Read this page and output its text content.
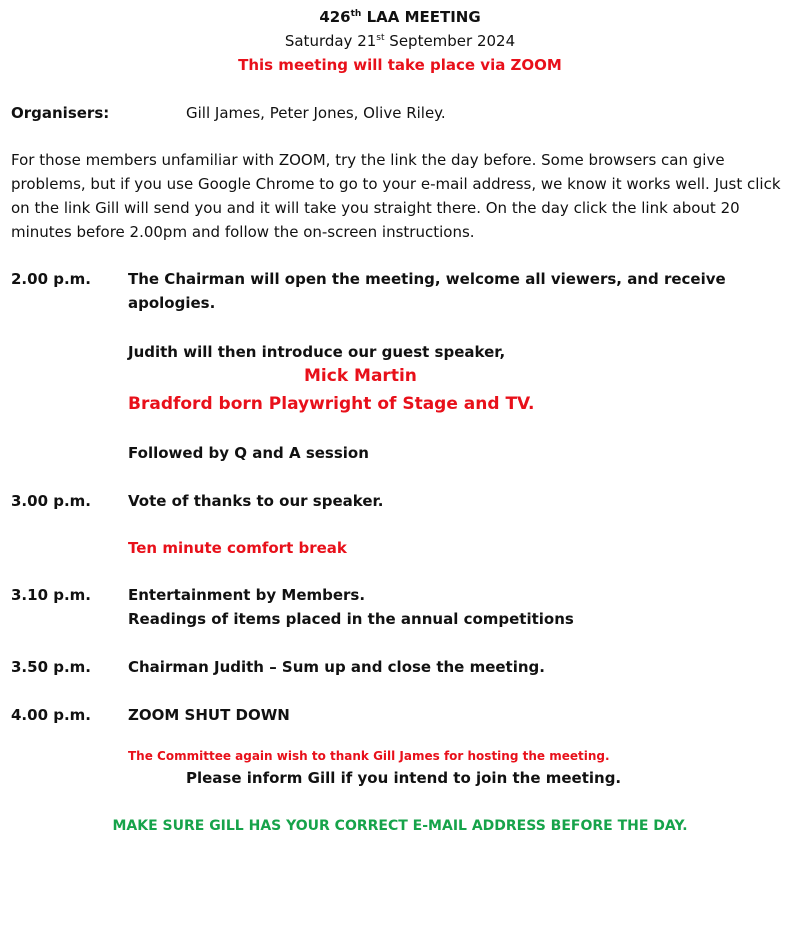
426th LAA MEETING
Saturday 21st September 2024
This meeting will take place via ZOOM
Organisers:	Gill James, Peter Jones, Olive Riley.

For those members unfamiliar with ZOOM, try the link the day before. Some browsers can give problems, but if you use Google Chrome to go to your e-mail address, we know it works well. Just click on the link Gill will send you and it will take you straight there. On the day click the link about 20 minutes before 2.00pm and follow the on-screen instructions.

2.00 p.m. The Chairman will open the meeting, welcome all viewers, and receive
apologies.
Judith will then introduce our guest speaker,
Mick Martin
Bradford born Playwright of Stage and TV.
Followed by Q and A session
3.00 p.m. Vote of thanks to our speaker.
Ten minute comfort break
3.10 p.m. Entertainment by Members.
Readings of items placed in the annual competitions
3.50 p.m. Chairman Judith – Sum up and close the meeting.
4.00 p.m. ZOOM SHUT DOWN
The Committee again wish to thank Gill James for hosting the meeting.
Please inform Gill if you intend to join the meeting.
MAKE SURE GILL HAS YOUR CORRECT E-MAIL ADDRESS BEFORE THE DAY.
